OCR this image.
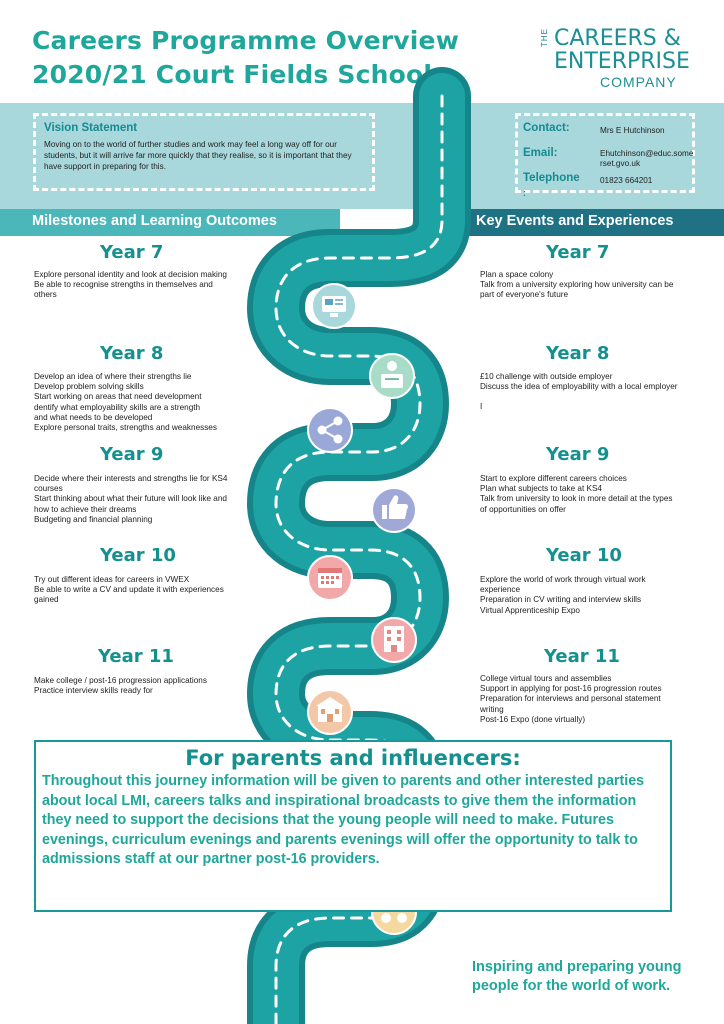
Careers Programme Overview
2020/21 Court Fields School
THE CAREERS &
ENTERPRISE
COMPANY
Milestones and Learning Outcomes	Key Events and Experiences
Vision Statement
Moving on to the world of further studies and work may feel a long way off for our students, but it will arrive far more quickly that they realise, so it is important that they have support in preparing for this.
Contact:	Mrs E Hutchinson
Email:	Ehutchinson@educ.somerset.gvo.uk
Telephone 01823 664201
:
Year 7
Explore personal identity and look at decision making
Be able to recognise strengths in themselves and
others
Year 8
Develop an idea of where their strengths lie
Develop problem solving skills
Start working on areas that need development
dentify what employability skills are a strength
and what needs to be developed
Explore personal traits, strengths and weaknesses
Year 9
Decide where their interests and strengths lie for KS4
courses
Start thinking about what their future will look like and
how to achieve their dreams
Budgeting and financial planning
Year 10
Try out different ideas for careers in VWEX
Be able to write a CV and update it with experiences
gained
Year 11
Make college / post-16 progression applications
Practice interview skills ready for
Year 7
Plan a space colony
Talk from a university exploring how university can be
part of everyone's future
Year 8
£10 challenge with outside employer
Discuss the idea of employability with a local employer
I
Year 9
Start to explore different careers choices
Plan what subjects to take at KS4
Talk from university to look in more detail at the types
of opportunities on offer
Year 10
Explore the world of work through virtual work
experience
Preparation in CV writing and interview skills
Virtual Apprenticeship Expo
Year 11
College virtual tours and assemblies
Support in applying for post-16 progression routes
Preparation for interviews and personal statement
writing
Post-16 Expo (done virtually)
For parents and influencers:
Throughout this journey information will be given to parents and other interested parties about local LMI, careers talks and inspirational broadcasts to give them the information they need to support the decisions that the young people will need to make. Futures evenings, curriculum evenings and parents evenings will offer the opportunity to talk to admissions staff at our partner post-16 providers.
Inspiring and preparing young people for the world of work.
